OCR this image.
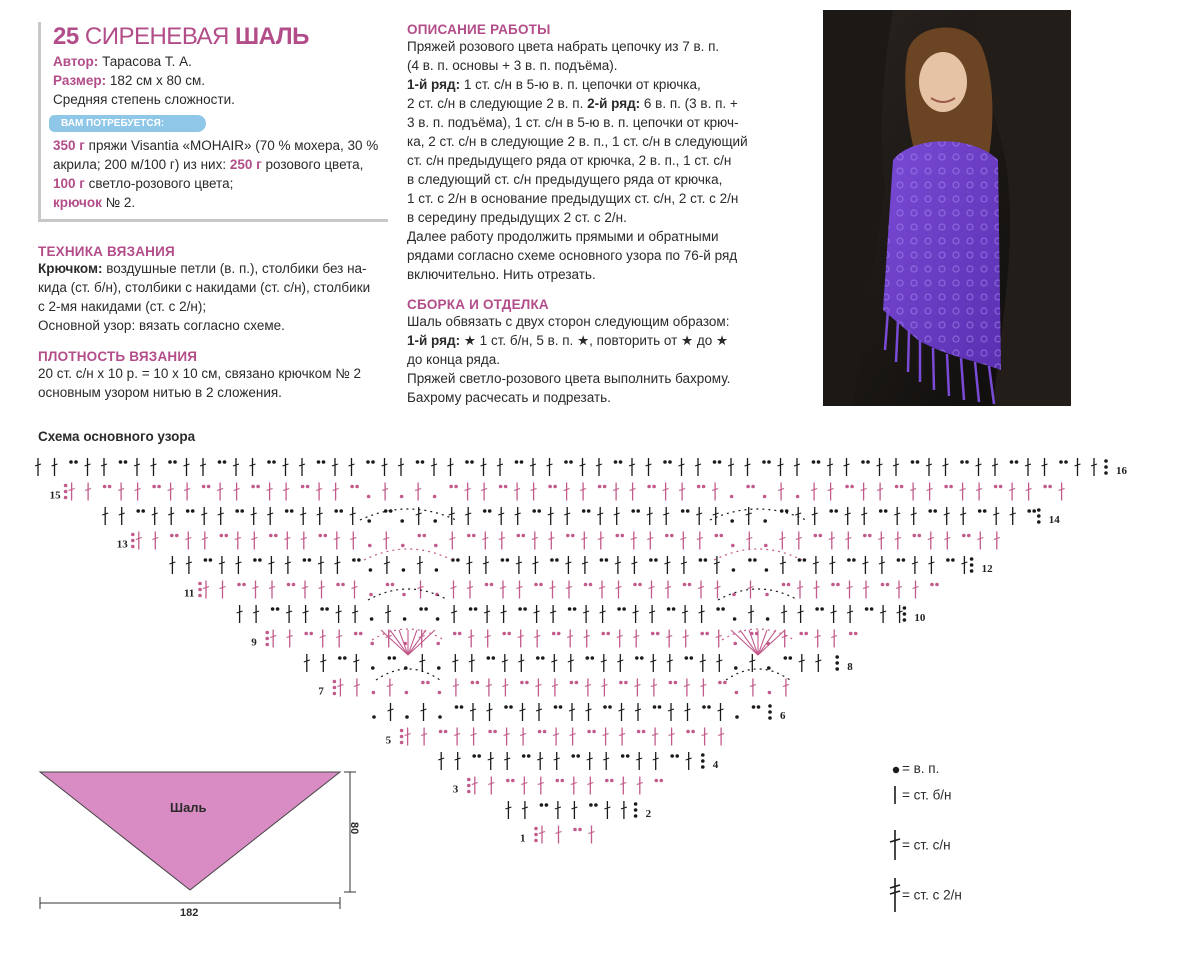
25 СИРЕНЕВАЯ ШАЛЬ

Автор: Тарасова Т. А.

Размер: 182 см х 80 см.

Средняя степень сложности.

ВАМ ПОТРЕБУЕТСЯ:

350 г пряжи Visantia «MOHAIR» (70 % мохера, 30 %

акрила; 200 м/100 г) из них: 250 г розового цвета,

100 г светло-розового цвета;

крючок № 2.

ТЕХНИКА ВЯЗАНИЯ

Крючком: воздушные петли (в. п.), столбики без на-
кида (ст. б/н), столбики с накидами (ст. с/н), столбики
с 2-мя накидами (ст. с 2/н);
Основной узор: вязать согласно схеме.

ПЛОТНОСТЬ ВЯЗАНИЯ

20 ст. с/н х 10 р. = 10 х 10 см, связано крючком № 2
основным узором нитью в 2 сложения.

ОПИСАНИЕ РАБОТЫ

Пряжей розового цвета набрать цепочку из 7 в. п.
(4 в. п. основы + 3 в. п. подъёма).
1-й ряд: 1 ст. с/н в 5-ю в. п. цепочки от крючка,
2 ст. с/н в следующие 2 в. п. 2-й ряд: 6 в. п. (3 в. п. +
3 в. п. подъёма), 1 ст. с/н в 5-ю в. п. цепочки от крюч-
ка, 2 ст. с/н в следующие 2 в. п., 1 ст. с/н в следующий
ст. с/н предыдущего ряда от крючка, 2 в. п., 1 ст. с/н
в следующий ст. с/н предыдущего ряда от крючка,
1 ст. с 2/н в основание предыдущих ст. с/н, 2 ст. с 2/н
в середину предыдущих 2 ст. с 2/н.
Далее работу продолжить прямыми и обратными
рядами согласно схеме основного узора по 76-й ряд
включительно. Нить отрезать.

СБОРКА И ОТДЕЛКА

Шаль обвязать с двух сторон следующим образом:
1-й ряд: ★ 1 ст. б/н, 5 в. п. ★, повторить от ★ до ★
до конца ряда.
Пряжей светло-розового цвета выполнить бахрому.
Бахрому расчесать и подрезать.

Схема основного узора

1
2
3
4
5
6
7
8
9
10
11
12
13
14
15
16
Шаль
80
182
= в. п.
= ст. б/н
= ст. с/н
= ст. с 2/н
